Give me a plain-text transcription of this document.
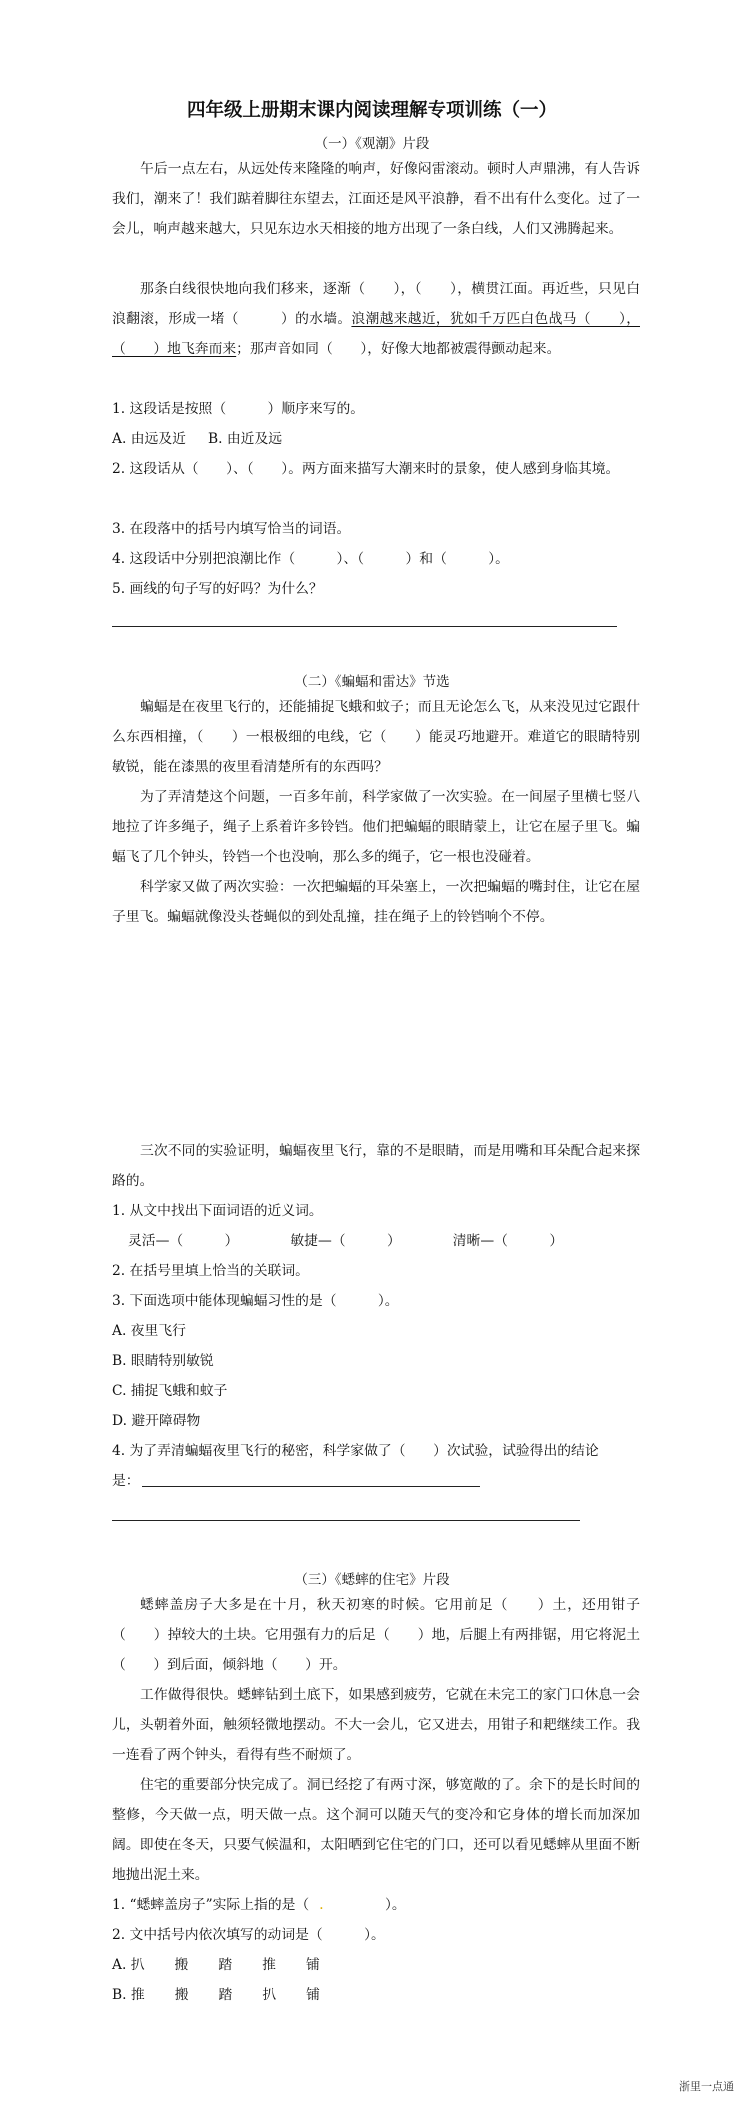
四年级上册期末课内阅读理解专项训练（一）
（一）《观潮》片段

午后一点左右，从远处传来隆隆的响声，好像闷雷滚动。顿时人声鼎沸，有人告诉我们，潮来了！我们踮着脚往东望去，江面还是风平浪静，看不出有什么变化。过了一会儿，响声越来越大，只见东边水天相接的地方出现了一条白线，人们又沸腾起来。

那条白线很快地向我们移来，逐渐（　　），（　　），横贯江面。再近些，只见白浪翻滚，形成一堵（　　　）的水墙。浪潮越来越近，犹如千万匹白色战马（　　），（　　）地飞奔而来；那声音如同（　　），好像大地都被震得颤动起来。

1. 这段话是按照（　　　）顺序来写的。
A. 由远及近 B. 由近及远

2. 这段话从（　　）、（　　）。两方面来描写大潮来时的景象，使人感到身临其境。

3. 在段落中的括号内填写恰当的词语。
4. 这段话中分别把浪潮比作（　　　）、（　　　）和（　　　）。
5. 画线的句子写的好吗？为什么？
（二）《蝙蝠和雷达》节选

蝙蝠是在夜里飞行的，还能捕捉飞蛾和蚊子；而且无论怎么飞，从来没见过它跟什么东西相撞，（　　）一根极细的电线，它（　　）能灵巧地避开。难道它的眼睛特别敏锐，能在漆黑的夜里看清楚所有的东西吗？

为了弄清楚这个问题，一百多年前，科学家做了一次实验。在一间屋子里横七竖八地拉了许多绳子，绳子上系着许多铃铛。他们把蝙蝠的眼睛蒙上，让它在屋子里飞。蝙蝠飞了几个钟头，铃铛一个也没响，那么多的绳子，它一根也没碰着。

科学家又做了两次实验：一次把蝙蝠的耳朵塞上，一次把蝙蝠的嘴封住，让它在屋子里飞。蝙蝠就像没头苍蝇似的到处乱撞，挂在绳子上的铃铛响个不停。

三次不同的实验证明，蝙蝠夜里飞行，靠的不是眼睛，而是用嘴和耳朵配合起来探路的。

1. 从文中找出下面词语的近义词。
灵活—（　　　）	敏捷—（　　　）	清晰—（　　　）
2. 在括号里填上恰当的关联词。
3. 下面选项中能体现蝙蝠习性的是（　　　）。
A. 夜里飞行
B. 眼睛特别敏锐
C. 捕捉飞蛾和蚊子
D. 避开障碍物
4. 为了弄清蝙蝠夜里飞行的秘密，科学家做了（　　）次试验，试验得出的结论
是：
（三）《蟋蟀的住宅》片段

蟋蟀盖房子大多是在十月，秋天初寒的时候。它用前足（　　）土，还用钳子（　　）掉较大的土块。它用强有力的后足（　　）地，后腿上有两排锯，用它将泥土（　　）到后面，倾斜地（　　）开。

工作做得很快。蟋蟀钻到土底下，如果感到疲劳，它就在未完工的家门口休息一会儿，头朝着外面，触须轻微地摆动。不大一会儿，它又进去，用钳子和耙继续工作。我一连看了两个钟头，看得有些不耐烦了。

住宅的重要部分快完成了。洞已经挖了有两寸深，够宽敞的了。余下的是长时间的整修，今天做一点，明天做一点。这个洞可以随天气的变冷和它身体的增长而加深加阔。即使在冬天，只要气候温和，太阳晒到它住宅的门口，还可以看见蟋蟀从里面不断地抛出泥土来。

1. “蟋蟀盖房子”实际上指的是（ ．	）。
2. 文中括号内依次填写的动词是（　　　）。
A. 扒 搬 踏 推 铺
B. 推 搬 踏 扒 铺
浙里一点通
